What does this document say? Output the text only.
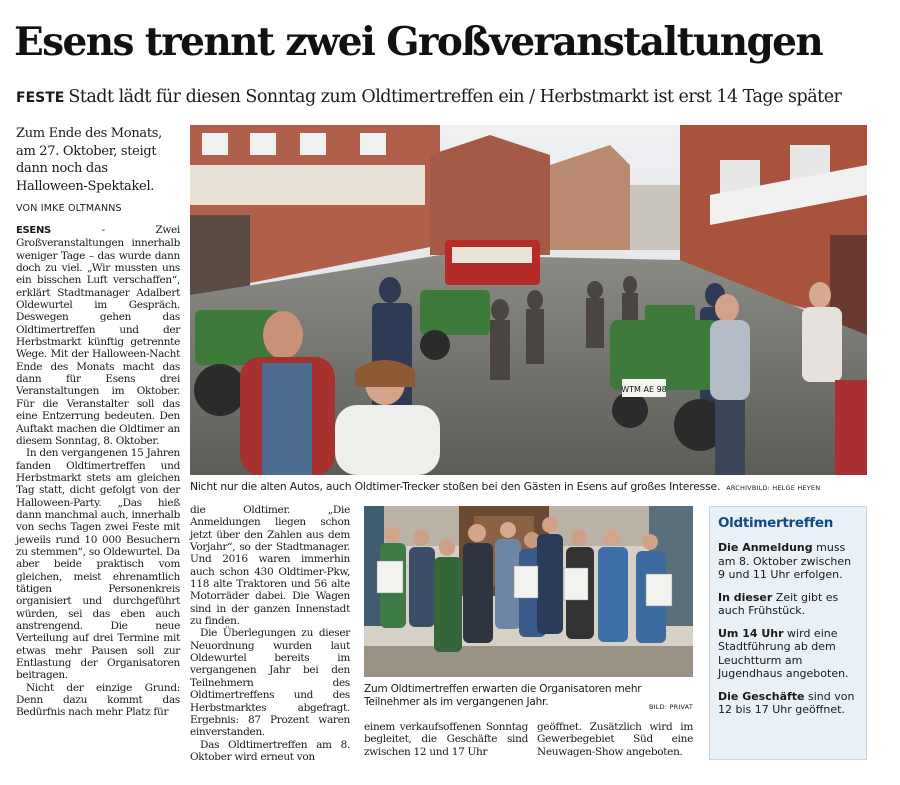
Esens trennt zwei Großveranstaltungen
FESTE Stadt lädt für diesen Sonntag zum Oldtimertreffen ein / Herbstmarkt ist erst 14 Tage später
Zum Ende des Monats, am 27. Oktober, steigt dann noch das Halloween-Spektakel.
VON IMKE OLTMANNS

ESENS - Zwei Großveranstaltungen innerhalb weniger Tage – das wurde dann doch zu viel. „Wir mussten uns ein bisschen Luft verschaffen“, erklärt Stadtmanager Adalbert Oldewurtel im Gespräch. Deswegen gehen das Oldtimertreffen und der Herbstmarkt künftig getrennte Wege. Mit der Halloween-Nacht Ende des Monats macht das dann für Esens drei Veranstaltungen im Oktober. Für die Veranstalter soll das eine Entzerrung bedeuten. Den Auftakt machen die Oldtimer an diesem Sonntag, 8. Oktober.

In den vergangenen 15 Jahren fanden Oldtimertreffen und Herbstmarkt stets am gleichen Tag statt, dicht gefolgt von der Halloween-Party. „Das hieß dann manchmal auch, innerhalb von sechs Tagen zwei Feste mit jeweils rund 10 000 Besuchern zu stemmen“, so Oldewurtel. Da aber beide praktisch vom gleichen, meist ehrenamtlich tätigen Personenkreis organisiert und durchgeführt würden, sei das eben auch anstrengend. Die neue Verteilung auf drei Termine mit etwas mehr Pausen soll zur Entlastung der Organisatoren beitragen.

Nicht der einzige Grund: Denn dazu kommt das Bedürfnis nach mehr Platz für

WTM AE 98
Nicht nur die alten Autos, auch Oldtimer-Trecker stoßen bei den Gästen in Esens auf großes Interesse. ARCHIVBILD: HELGE HEYEN

die Oldtimer. „Die Anmeldungen liegen schon jetzt über den Zahlen aus dem Vorjahr“, so der Stadtmanager. Und 2016 waren immerhin auch schon 430 Oldtimer-Pkw, 118 alte Traktoren und 56 alte Motorräder dabei. Die Wagen sind in der ganzen Innenstadt zu finden.

Die Überlegungen zu dieser Neuordnung wurden laut Oldewurtel bereits im vergangenen Jahr bei den Teilnehmern des Oldtimertreffens und des Herbstmarktes abgefragt. Ergebnis: 87 Prozent waren einverstanden.

Das Oldtimertreffen am 8. Oktober wird erneut von

Zum Oldtimertreffen erwarten die Organisatoren mehr Teilnehmer als im vergangenen Jahr.	BILD: PRIVAT
einem verkaufsoffenen Sonntag begleitet, die Geschäfte sind zwischen 12 und 17 Uhr
geöffnet. Zusätzlich wird im Gewerbegebiet Süd eine Neuwagen-Show angeboten.
Oldtimertreffen

Die Anmeldung muss am 8. Oktober zwischen 9 und 11 Uhr erfolgen.

In dieser Zeit gibt es auch Frühstück.

Um 14 Uhr wird eine Stadtführung ab dem Leuchtturm am Jugendhaus angeboten.

Die Geschäfte sind von 12 bis 17 Uhr geöffnet.
